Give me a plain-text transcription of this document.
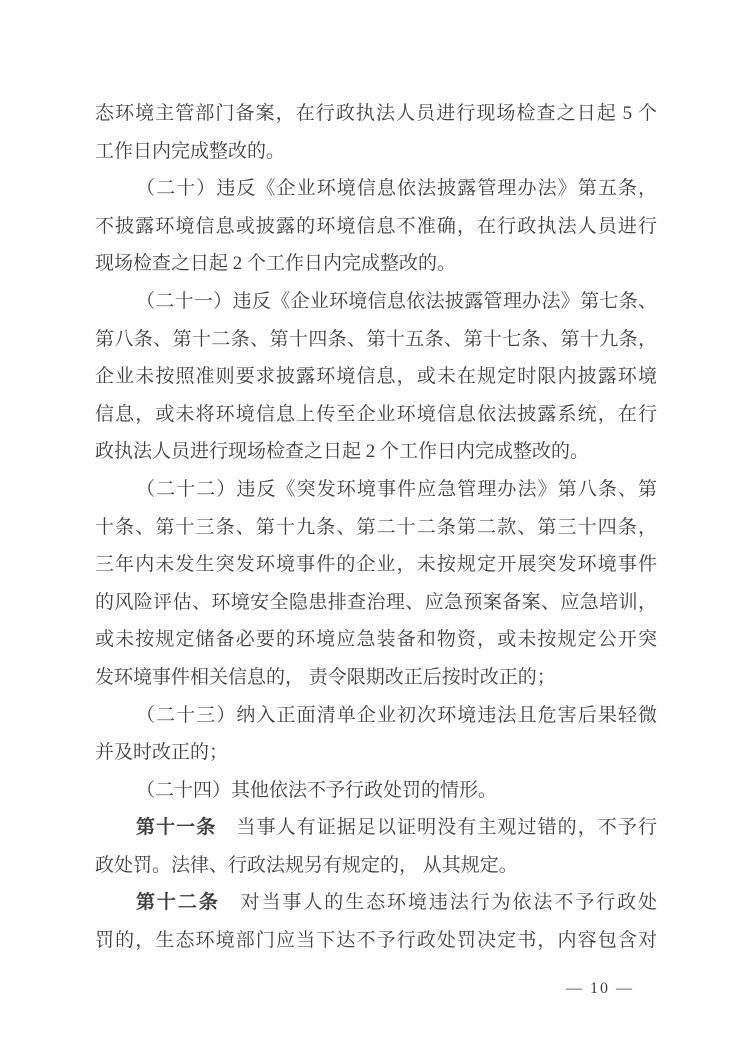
态环境主管部门备案，在行政执法人员进行现场检查之日起 5 个
工作日内完成整改的。
（二十）违反《企业环境信息依法披露管理办法》第五条，
不披露环境信息或披露的环境信息不准确，在行政执法人员进行
现场检查之日起 2 个工作日内完成整改的。
（二十一）违反《企业环境信息依法披露管理办法》第七条、
第八条、第十二条、第十四条、第十五条、第十七条、第十九条，
企业未按照准则要求披露环境信息，或未在规定时限内披露环境
信息，或未将环境信息上传至企业环境信息依法披露系统，在行
政执法人员进行现场检查之日起 2 个工作日内完成整改的。
（二十二）违反《突发环境事件应急管理办法》第八条、第
十条、第十三条、第十九条、第二十二条第二款、第三十四条，
三年内未发生突发环境事件的企业，未按规定开展突发环境事件
的风险评估、环境安全隐患排查治理、应急预案备案、应急培训，
或未按规定储备必要的环境应急装备和物资，或未按规定公开突
发环境事件相关信息的， 责令限期改正后按时改正的；
（二十三）纳入正面清单企业初次环境违法且危害后果轻微
并及时改正的；
（二十四）其他依法不予行政处罚的情形。
第十一条　当事人有证据足以证明没有主观过错的，不予行
政处罚。法律、行政法规另有规定的， 从其规定。
第十二条　对当事人的生态环境违法行为依法不予行政处
罚的，生态环境部门应当下达不予行政处罚决定书，内容包含对
— 10 —
